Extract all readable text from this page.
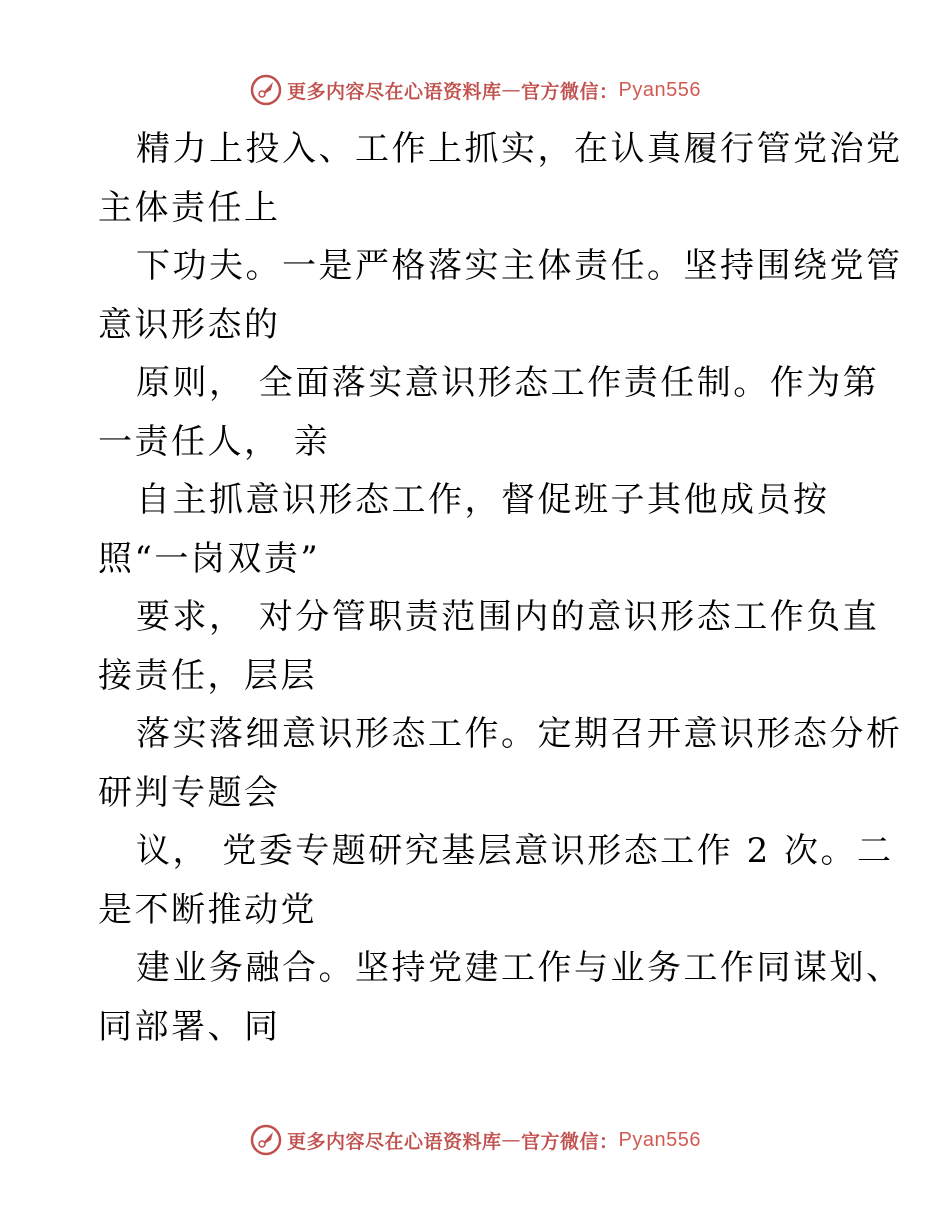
更多内容尽在心语资料库 — 官方微信： Pyan556
精力上投入、工作上抓实，在认真履行管党治党
主体责任上
下功夫。一是严格落实主体责任。坚持围绕党管
意识形态的
原则， 全面落实意识形态工作责任制。作为第
一责任人， 亲
自主抓意识形态工作，督促班子其他成员按
照“一岗双责”
要求， 对分管职责范围内的意识形态工作负直
接责任，层层
落实落细意识形态工作。定期召开意识形态分析
研判专题会
议， 党委专题研究基层意识形态工作 2 次。二
是不断推动党
建业务融合。坚持党建工作与业务工作同谋划、
同部署、同
更多内容尽在心语资料库 — 官方微信： Pyan556
